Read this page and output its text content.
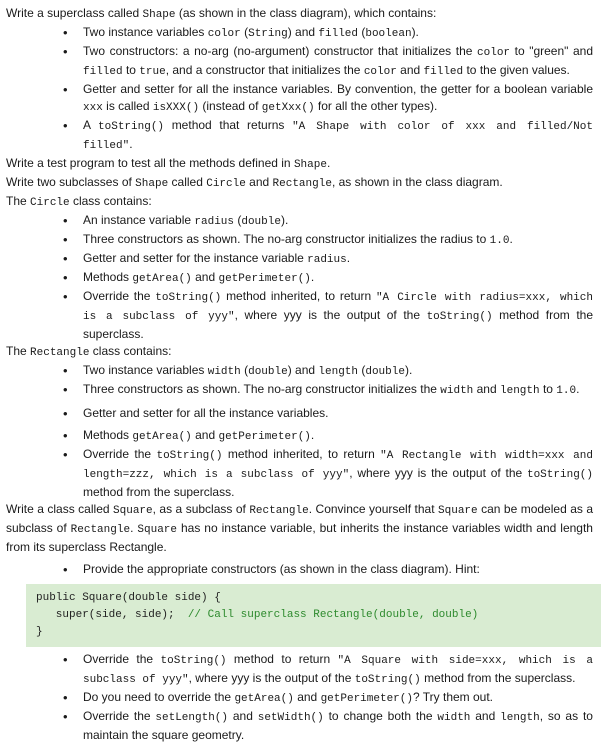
Write a superclass called Shape (as shown in the class diagram), which contains:

• Two instance variables color (String) and filled (boolean).
• Two constructors: a no-arg (no-argument) constructor that initializes the color to "green" and filled to true, and a constructor that initializes the color and filled to the given values.
• Getter and setter for all the instance variables. By convention, the getter for a boolean variable xxx is called isXXX() (instead of getXxx() for all the other types).
• A toString() method that returns "A Shape with color of xxx and filled/Not filled".

Write a test program to test all the methods defined in Shape.

Write two subclasses of Shape called Circle and Rectangle, as shown in the class diagram.

The Circle class contains:

• An instance variable radius (double).
• Three constructors as shown. The no-arg constructor initializes the radius to 1.0.
• Getter and setter for the instance variable radius.
• Methods getArea() and getPerimeter().
• Override the toString() method inherited, to return "A Circle with radius=xxx, which is a subclass of yyy", where yyy is the output of the toString() method from the superclass.

The Rectangle class contains:

• Two instance variables width (double) and length (double).
• Three constructors as shown. The no-arg constructor initializes the width and length to 1.0.
• Getter and setter for all the instance variables.
• Methods getArea() and getPerimeter().
• Override the toString() method inherited, to return "A Rectangle with width=xxx and length=zzz, which is a subclass of yyy", where yyy is the output of the toString() method from the superclass.

Write a class called Square, as a subclass of Rectangle. Convince yourself that Square can be modeled as a subclass of Rectangle. Square has no instance variable, but inherits the instance variables width and length from its superclass Rectangle.

• Provide the appropriate constructors (as shown in the class diagram). Hint:
public Square(double side) {
super(side, side);  // Call superclass Rectangle(double, double)
}
• Override the toString() method to return "A Square with side=xxx, which is a subclass of yyy", where yyy is the output of the toString() method from the superclass.
• Do you need to override the getArea() and getPerimeter()? Try them out.
• Override the setLength() and setWidth() to change both the width and length, so as to maintain the square geometry.
